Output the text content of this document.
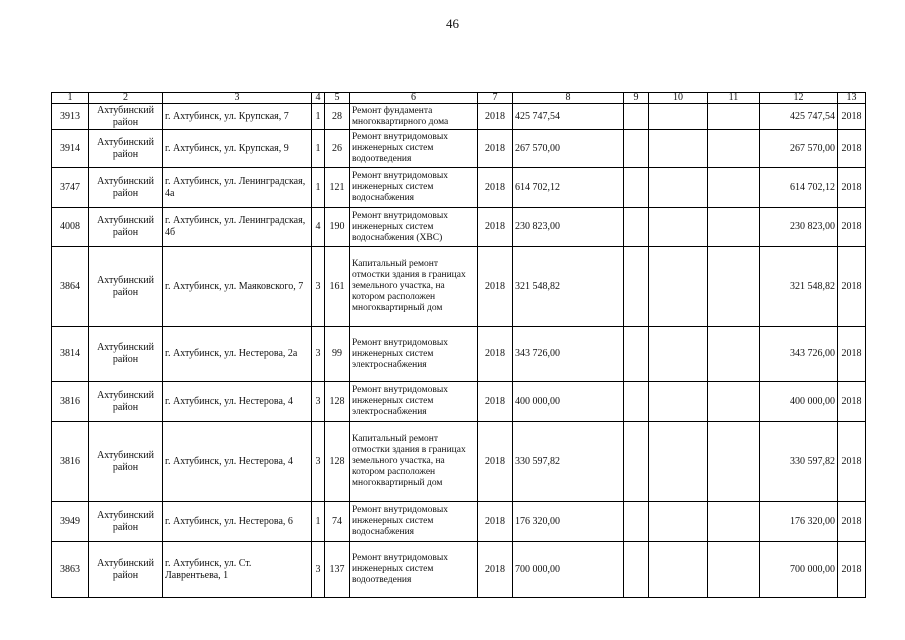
46
1	2	3	4	5	6	7	8	9	10	11	12	13
3913	Ахтубинский район	г. Ахтубинск, ул. Крупская, 7	1	28	Ремонт фундамента многоквартирного дома	2018	425 747,54				425 747,54	2018
3914	Ахтубинский район	г. Ахтубинск, ул. Крупская, 9	1	26	Ремонт внутридомовых инженерных систем водоотведения	2018	267 570,00				267 570,00	2018
3747	Ахтубинский район	г. Ахтубинск, ул. Ленинградская, 4а	1	121	Ремонт внутридомовых инженерных систем водоснабжения	2018	614 702,12				614 702,12	2018
4008	Ахтубинский район	г. Ахтубинск, ул. Ленинградская, 4б	4	190	Ремонт внутридомовых инженерных систем водоснабжения (ХВС)	2018	230 823,00				230 823,00	2018
3864	Ахтубинский район	г. Ахтубинск, ул. Маяковского, 7	3	161	Капитальный ремонт отмостки здания в границах земельного участка, на котором расположен многоквартирный дом	2018	321 548,82				321 548,82	2018
3814	Ахтубинский район	г. Ахтубинск, ул. Нестерова, 2а	3	99	Ремонт внутридомовых инженерных систем электроснабжения	2018	343 726,00				343 726,00	2018
3816	Ахтубинский район	г. Ахтубинск, ул. Нестерова, 4	3	128	Ремонт внутридомовых инженерных систем электроснабжения	2018	400 000,00				400 000,00	2018
3816	Ахтубинский район	г. Ахтубинск, ул. Нестерова, 4	3	128	Капитальный ремонт отмостки здания в границах земельного участка, на котором расположен многоквартирный дом	2018	330 597,82				330 597,82	2018
3949	Ахтубинский район	г. Ахтубинск, ул. Нестерова, 6	1	74	Ремонт внутридомовых инженерных систем водоснабжения	2018	176 320,00				176 320,00	2018
3863	Ахтубинский район	г. Ахтубинск, ул. Ст. Лаврентьева, 1	3	137	Ремонт внутридомовых инженерных систем водоотведения	2018	700 000,00				700 000,00	2018
